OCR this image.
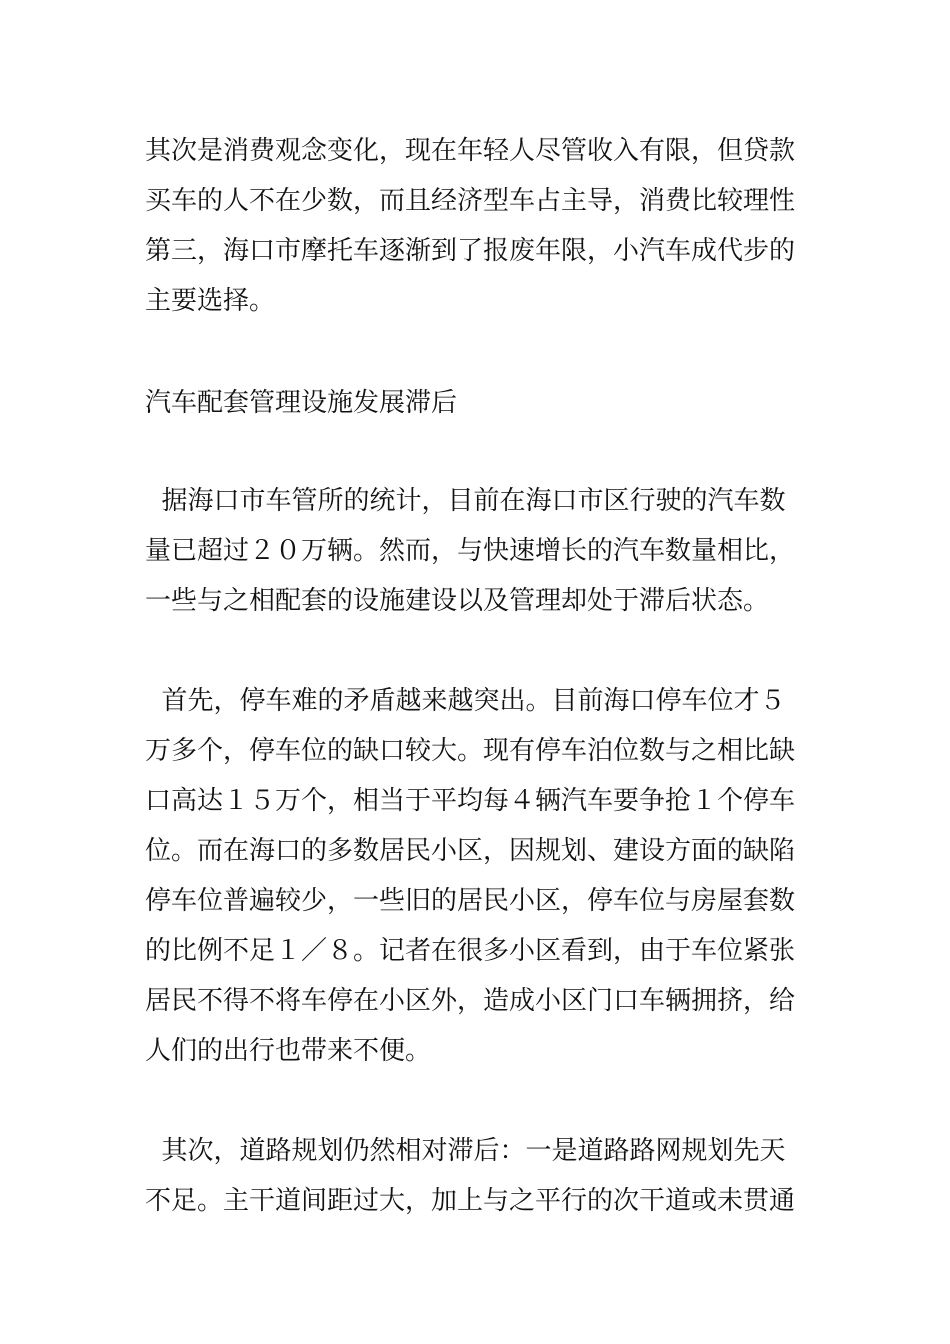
其次是消费观念变化，现在年轻人尽管收入有限，但贷款
买车的人不在少数，而且经济型车占主导，消费比较理性
第三，海口市摩托车逐渐到了报废年限，小汽车成代步的
主要选择。
汽车配套管理设施发展滞后
据海口市车管所的统计，目前在海口市区行驶的汽车数
量已超过２０万辆。然而，与快速增长的汽车数量相比，
一些与之相配套的设施建设以及管理却处于滞后状态。
首先，停车难的矛盾越来越突出。目前海口停车位才５
万多个，停车位的缺口较大。现有停车泊位数与之相比缺
口高达１５万个，相当于平均每４辆汽车要争抢１个停车
位。而在海口的多数居民小区，因规划、建设方面的缺陷
停车位普遍较少，一些旧的居民小区，停车位与房屋套数
的比例不足１／８。记者在很多小区看到，由于车位紧张
居民不得不将车停在小区外，造成小区门口车辆拥挤，给
人们的出行也带来不便。
其次，道路规划仍然相对滞后：一是道路路网规划先天
不足。主干道间距过大，加上与之平行的次干道或未贯通
